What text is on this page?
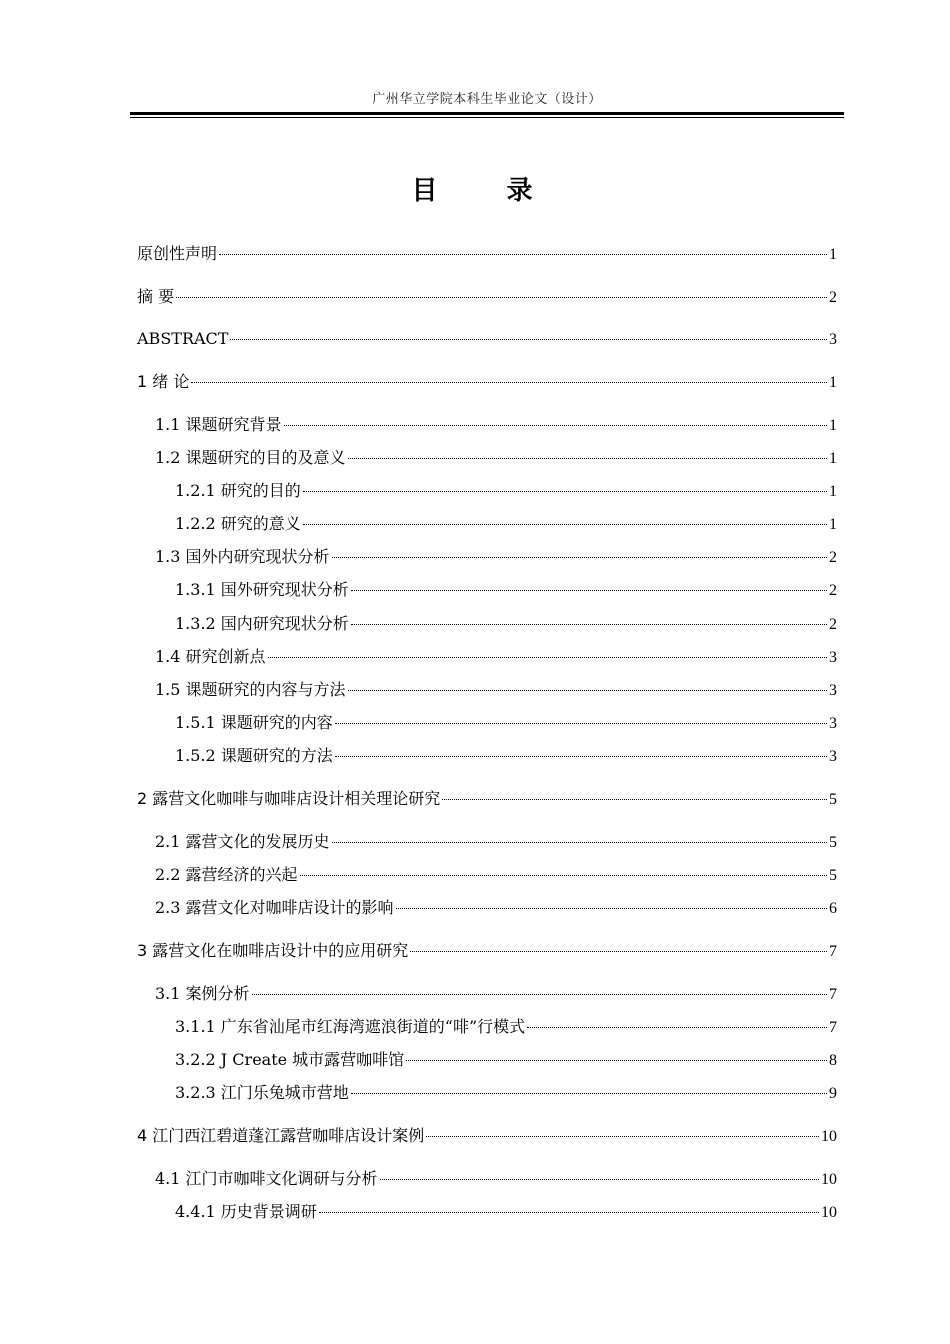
广州华立学院本科生毕业论文（设计）
目 录
原创性声明	1
摘 要	2
ABSTRACT	3
1 绪 论	1
1.1 课题研究背景	1
1.2 课题研究的目的及意义	1
1.2.1 研究的目的	1
1.2.2 研究的意义	1
1.3 国外内研究现状分析	2
1.3.1 国外研究现状分析	2
1.3.2 国内研究现状分析	2
1.4 研究创新点	3
1.5 课题研究的内容与方法	3
1.5.1 课题研究的内容	3
1.5.2 课题研究的方法	3
2 露营文化咖啡与咖啡店设计相关理论研究	5
2.1 露营文化的发展历史	5
2.2 露营经济的兴起	5
2.3 露营文化对咖啡店设计的影响	6
3 露营文化在咖啡店设计中的应用研究	7
3.1 案例分析	7
3.1.1 广东省汕尾市红海湾遮浪街道的“啡”行模式	7
3.2.2 J Create 城市露营咖啡馆	8
3.2.3 江门乐兔城市营地	9
4 江门西江碧道蓬江露营咖啡店设计案例	10
4.1 江门市咖啡文化调研与分析	10
4.4.1 历史背景调研	10
